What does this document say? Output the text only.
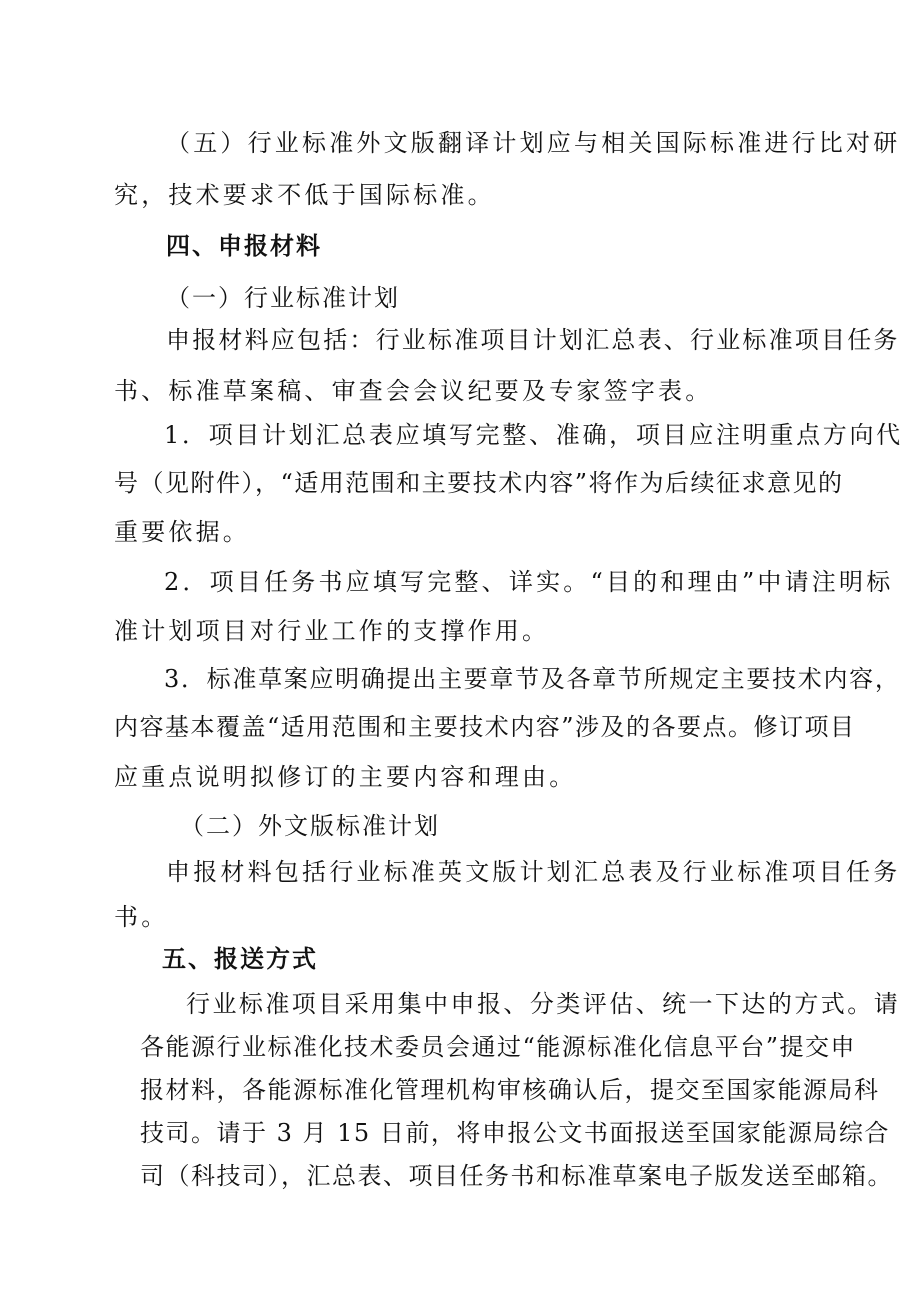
（五）行业标准外文版翻译计划应与相关国际标准进行比对研
究，技术要求不低于国际标准。
四、申报材料
（一）行业标准计划
申报材料应包括：行业标准项目计划汇总表、行业标准项目任务
书、标准草案稿、审查会会议纪要及专家签字表。
1．项目计划汇总表应填写完整、准确，项目应注明重点方向代
号（见附件），“适用范围和主要技术内容”将作为后续征求意见的
重要依据。
2．项目任务书应填写完整、详实。“目的和理由”中请注明标
准计划项目对行业工作的支撑作用。
3．标准草案应明确提出主要章节及各章节所规定主要技术内容，
内容基本覆盖“适用范围和主要技术内容”涉及的各要点。修订项目
应重点说明拟修订的主要内容和理由。
（二）外文版标准计划
申报材料包括行业标准英文版计划汇总表及行业标准项目任务
书。
五、报送方式
行业标准项目采用集中申报、分类评估、统一下达的方式。请
各能源行业标准化技术委员会通过“能源标准化信息平台”提交申
报材料，各能源标准化管理机构审核确认后，提交至国家能源局科
技司。请于 3 月 15 日前，将申报公文书面报送至国家能源局综合
司（科技司），汇总表、项目任务书和标准草案电子版发送至邮箱。
